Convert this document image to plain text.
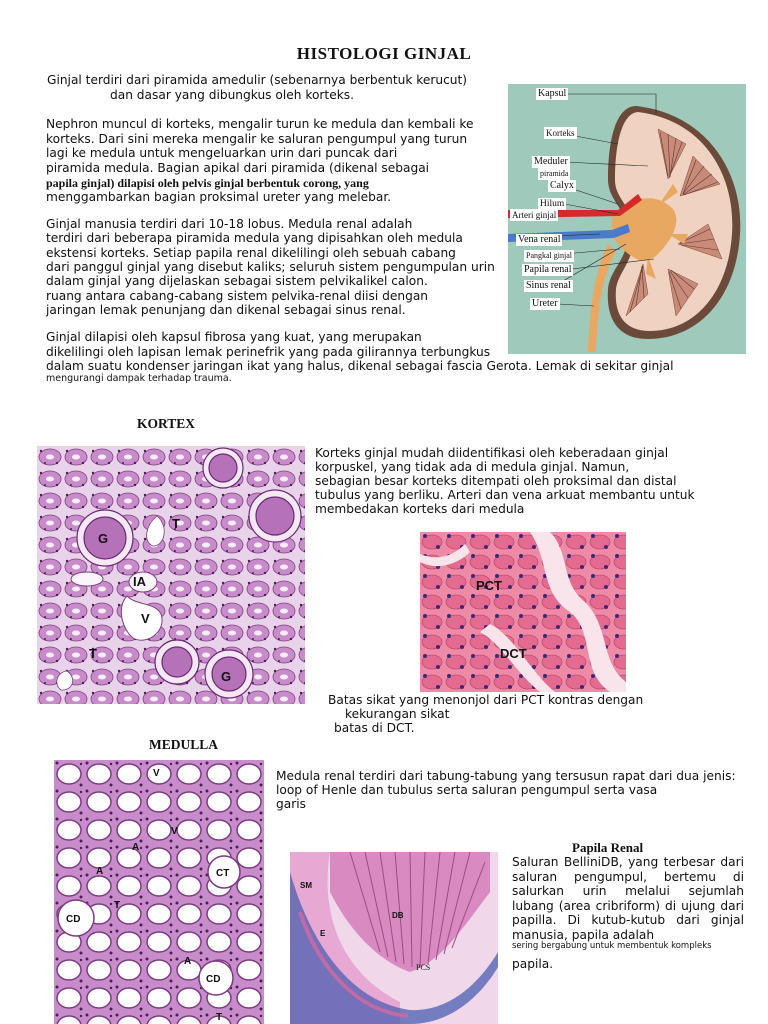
HISTOLOGI GINJAL
Ginjal terdiri dari piramida amedulir (sebenarnya berbentuk kerucut)
dan dasar yang dibungkus oleh korteks.
Nephron muncul di korteks, mengalir turun ke medula dan kembali ke
korteks. Dari sini mereka mengalir ke saluran pengumpul yang turun
lagi ke medula untuk mengeluarkan urin dari puncak dari
piramida medula. Bagian apikal dari piramida (dikenal sebagai
papila ginjal) dilapisi oleh pelvis ginjal berbentuk corong, yang
menggambarkan bagian proksimal ureter yang melebar.
Ginjal manusia terdiri dari 10-18 lobus. Medula renal adalah
terdiri dari beberapa piramida medula yang dipisahkan oleh medula
ekstensi korteks. Setiap papila renal dikelilingi oleh sebuah cabang
dari panggul ginjal yang disebut kaliks; seluruh sistem pengumpulan urin
dalam ginjal yang dijelaskan sebagai sistem pelvikalikel calon.
ruang antara cabang-cabang sistem pelvika-renal diisi dengan
jaringan lemak penunjang dan dikenal sebagai sinus renal.
Ginjal dilapisi oleh kapsul fibrosa yang kuat, yang merupakan
dikelilingi oleh lapisan lemak perinefrik yang pada gilirannya terbungkus
dalam suatu kondenser jaringan ikat yang halus, dikenal sebagai fascia Gerota. Lemak di sekitar ginjal
mengurangi dampak terhadap trauma.
Kapsul
Korteks
Meduler
piramida
Calyx
Hilum
Arteri ginjal
Vena renal
Pangkal ginjal
Papila renal
Sinus renal
Ureter
KORTEX
G
T
IA
V
T
G
Korteks ginjal mudah diidentifikasi oleh keberadaan ginjal
korpuskel, yang tidak ada di medula ginjal. Namun,
sebagian besar korteks ditempati oleh proksimal dan distal
tubulus yang berliku. Arteri dan vena arkuat membantu untuk
membedakan korteks dari medula
PCT
DCT
Batas sikat yang menonjol dari PCT kontras dengan
kekurangan sikat
batas di DCT.
MEDULLA
V
V
A
CT
A
T
CD
A
CD
T
Medula renal terdiri dari tabung-tabung yang tersusun rapat dari dua jenis:
loop of Henle dan tubulus serta saluran pengumpul serta vasa
garis
SM
E
DB
PCS
Papila Renal
Saluran BelliniDB, yang terbesar dari saluran pengumpul, bertemu di salurkan urin melalui sejumlah lubang (area cribriform) di ujung dari papilla. Di kutub-kutub dari ginjal manusia, papila adalah
sering bergabung untuk membentuk kompleks
papila.
